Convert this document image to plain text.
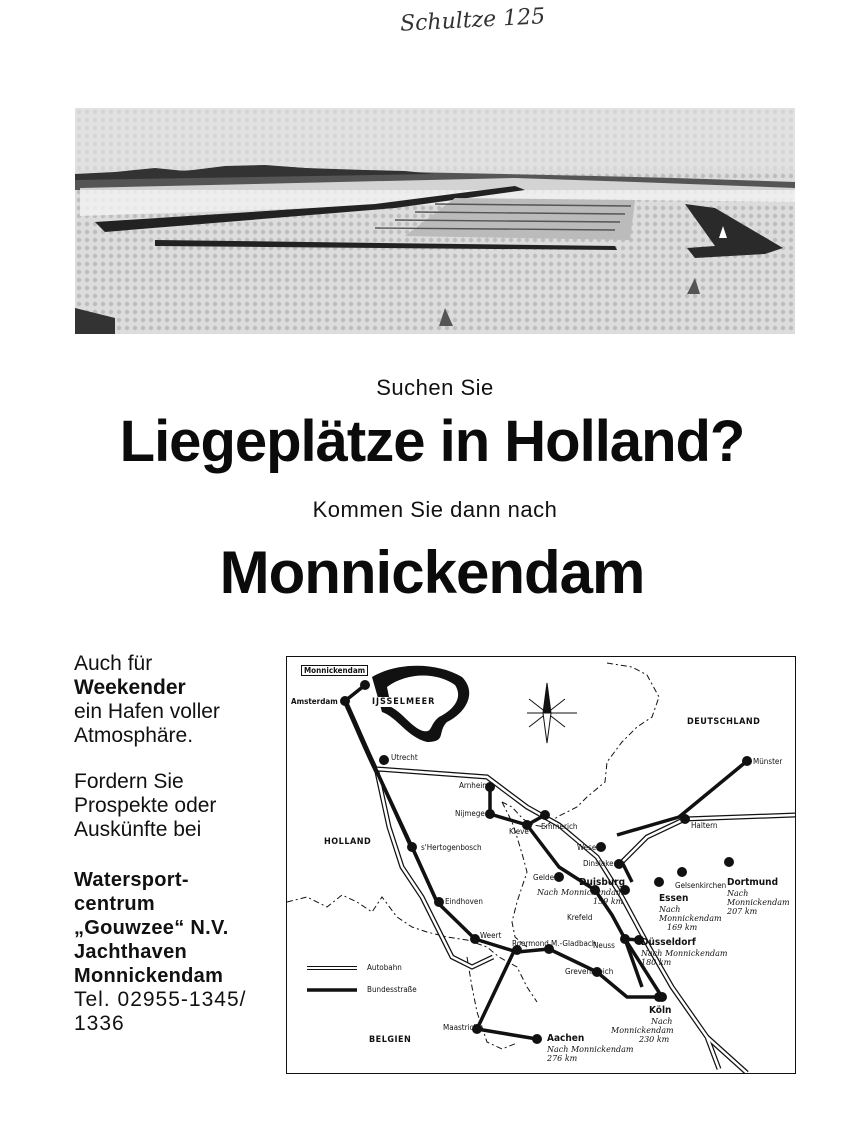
Schultze 125
Suchen Sie
Liegeplätze in Holland?
Kommen Sie dann nach
Monnickendam
Auch für
Weekender
ein Hafen voller
Atmosphäre.
Fordern Sie
Prospekte oder
Auskünfte bei
Watersport-
centrum
„Gouwzee“ N.V.
Jachthaven
Monnickendam
Tel. 02955-1345/
1336
Monnickendam
Amsterdam	IJSSELMEER
DEUTSCHLAND
HOLLAND
BELGIEN
Utrecht
Arnheim
Nijmegen
Kleve
Emmerich
s'Hertogenbosch
Eindhoven
Weert
Roermond M.-Gladbach
Grevenbroich
Neuss
Krefeld
Geldern
Wesel
Dinslaken
Duisburg
Nach Monnickendam
159 km
Gelsenkirchen
Essen
Nach
Monnickendam
169 km
Dortmund
Nach
Monnickendam
207 km
Haltern
Münster
Düsseldorf
Nach Monnickendam
180 km
Köln
Nach
Monnickendam
230 km
Aachen
Nach Monnickendam
276 km
Maastricht
Autobahn
Bundesstraße
